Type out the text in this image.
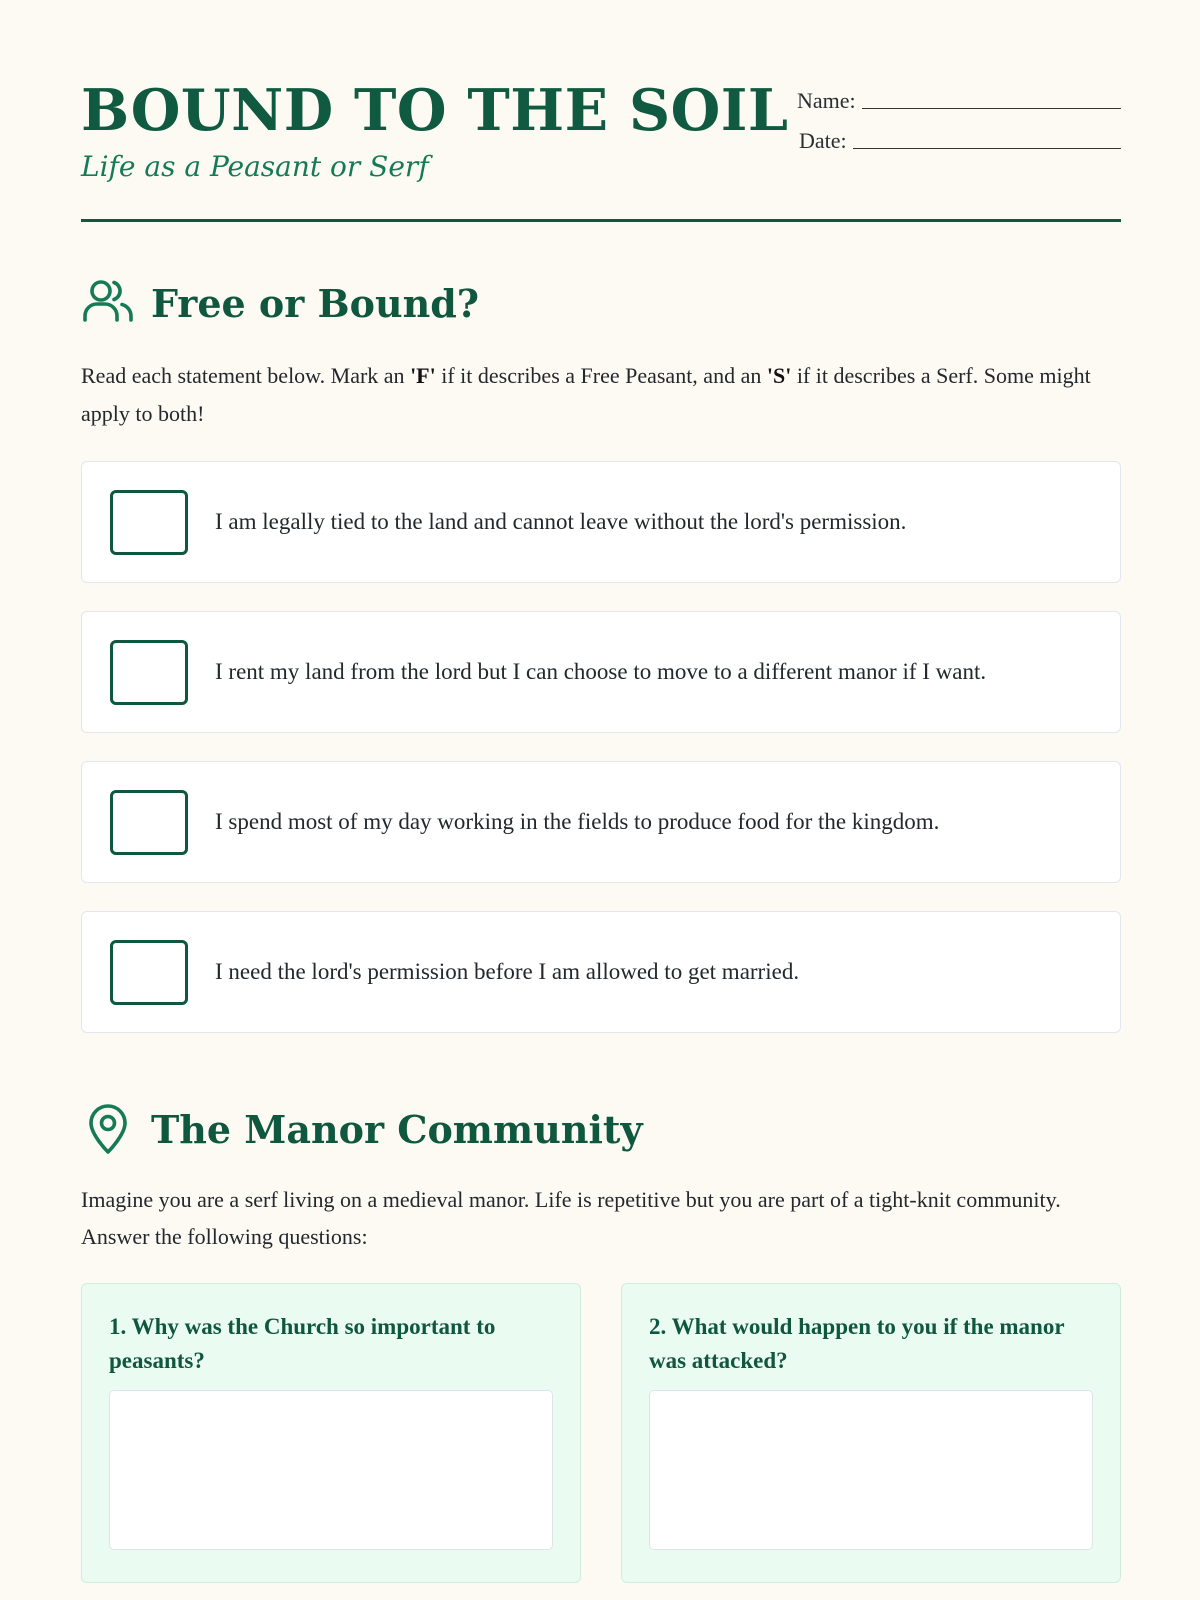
BOUND TO THE SOIL

Life as a Peasant or Serf

Name:
Date:
Free or Bound?

Read each statement below. Mark an 'F' if it describes a Free Peasant, and an 'S' if it describes a Serf. Some might apply to both!

I am legally tied to the land and cannot leave without the lord's permission.
I rent my land from the lord but I can choose to move to a different manor if I want.
I spend most of my day working in the fields to produce food for the kingdom.
I need the lord's permission before I am allowed to get married.
The Manor Community

Imagine you are a serf living on a medieval manor. Life is repetitive but you are part of a tight-knit community. Answer the following questions:

1. Why was the Church so important to peasants?

2. What would happen to you if the manor was attacked?
